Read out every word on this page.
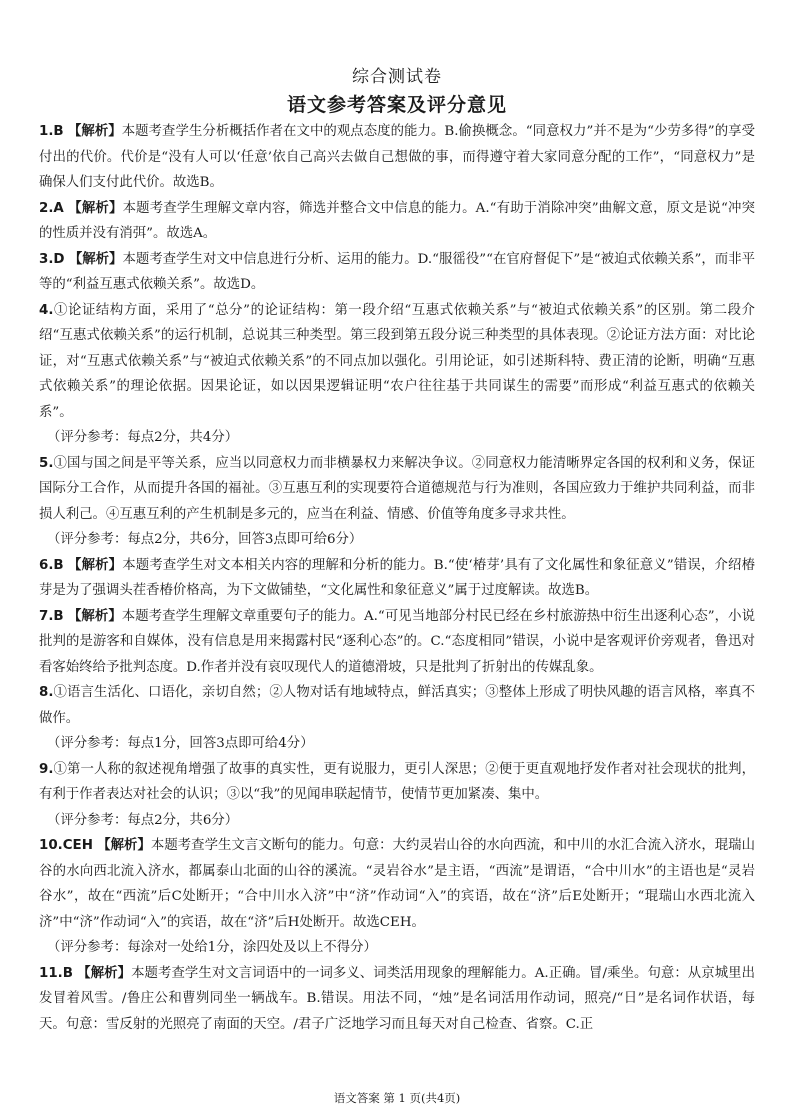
综合测试卷
语文参考答案及评分意见

1.B 【解析】本题考查学生分析概括作者在文中的观点态度的能力。B.偷换概念。“同意权力”并不是为“少劳多得”的享受付出的代价。代价是“没有人可以‘任意’依自己高兴去做自己想做的事，而得遵守着大家同意分配的工作”，“同意权力”是确保人们支付此代价。故选B。

2.A 【解析】本题考查学生理解文章内容，筛选并整合文中信息的能力。A.“有助于消除冲突”曲解文意，原文是说“冲突的性质并没有消弭”。故选A。

3.D 【解析】本题考查学生对文中信息进行分析、运用的能力。D.“服徭役”“在官府督促下”是“被迫式依赖关系”，而非平等的“利益互惠式依赖关系”。故选D。

4.①论证结构方面，采用了“总分”的论证结构：第一段介绍“互惠式依赖关系”与“被迫式依赖关系”的区别。第二段介绍“互惠式依赖关系”的运行机制，总说其三种类型。第三段到第五段分说三种类型的具体表现。②论证方法方面：对比论证，对“互惠式依赖关系”与“被迫式依赖关系”的不同点加以强化。引用论证，如引述斯科特、费正清的论断，明确“互惠式依赖关系”的理论依据。因果论证，如以因果逻辑证明“农户往往基于共同谋生的需要”而形成“利益互惠式的依赖关系”。

（评分参考：每点2分，共4分）

5.①国与国之间是平等关系，应当以同意权力而非横暴权力来解决争议。②同意权力能清晰界定各国的权利和义务，保证国际分工合作，从而提升各国的福祉。③互惠互利的实现要符合道德规范与行为准则，各国应致力于维护共同利益，而非损人利己。④互惠互利的产生机制是多元的，应当在利益、情感、价值等角度多寻求共性。

（评分参考：每点2分，共6分，回答3点即可给6分）

6.B 【解析】本题考查学生对文本相关内容的理解和分析的能力。B.“使‘椿芽’具有了文化属性和象征意义”错误，介绍椿芽是为了强调头茬香椿价格高，为下文做铺垫，“文化属性和象征意义”属于过度解读。故选B。

7.B 【解析】本题考查学生理解文章重要句子的能力。A.“可见当地部分村民已经在乡村旅游热中衍生出逐利心态”，小说批判的是游客和自媒体，没有信息是用来揭露村民“逐利心态”的。C.“态度相同”错误，小说中是客观评价旁观者，鲁迅对看客始终给予批判态度。D.作者并没有哀叹现代人的道德滑坡，只是批判了折射出的传媒乱象。

8.①语言生活化、口语化，亲切自然；②人物对话有地域特点，鲜活真实；③整体上形成了明快风趣的语言风格，率真不做作。

（评分参考：每点1分，回答3点即可给4分）

9.①第一人称的叙述视角增强了故事的真实性，更有说服力，更引人深思；②便于更直观地抒发作者对社会现状的批判，有利于作者表达对社会的认识；③以“我”的见闻串联起情节，使情节更加紧凑、集中。

（评分参考：每点2分，共6分）

10.CEH 【解析】本题考查学生文言文断句的能力。句意：大约灵岩山谷的水向西流，和中川的水汇合流入济水，琨瑞山谷的水向西北流入济水，都属泰山北面的山谷的溪流。“灵岩谷水”是主语，“西流”是谓语，“合中川水”的主语也是“灵岩谷水”，故在“西流”后C处断开；“合中川水入济”中“济”作动词“入”的宾语，故在“济”后E处断开；“琨瑞山水西北流入济”中“济”作动词“入”的宾语，故在“济”后H处断开。故选CEH。

（评分参考：每涂对一处给1分，涂四处及以上不得分）

11.B 【解析】本题考查学生对文言词语中的一词多义、词类活用现象的理解能力。A.正确。冒/乘坐。句意：从京城里出发冒着风雪。/鲁庄公和曹刿同坐一辆战车。B.错误。用法不同，“烛”是名词活用作动词，照亮/“日”是名词作状语，每天。句意：雪反射的光照亮了南面的天空。/君子广泛地学习而且每天对自己检查、省察。C.正

语文答案 第 1 页(共4页)
